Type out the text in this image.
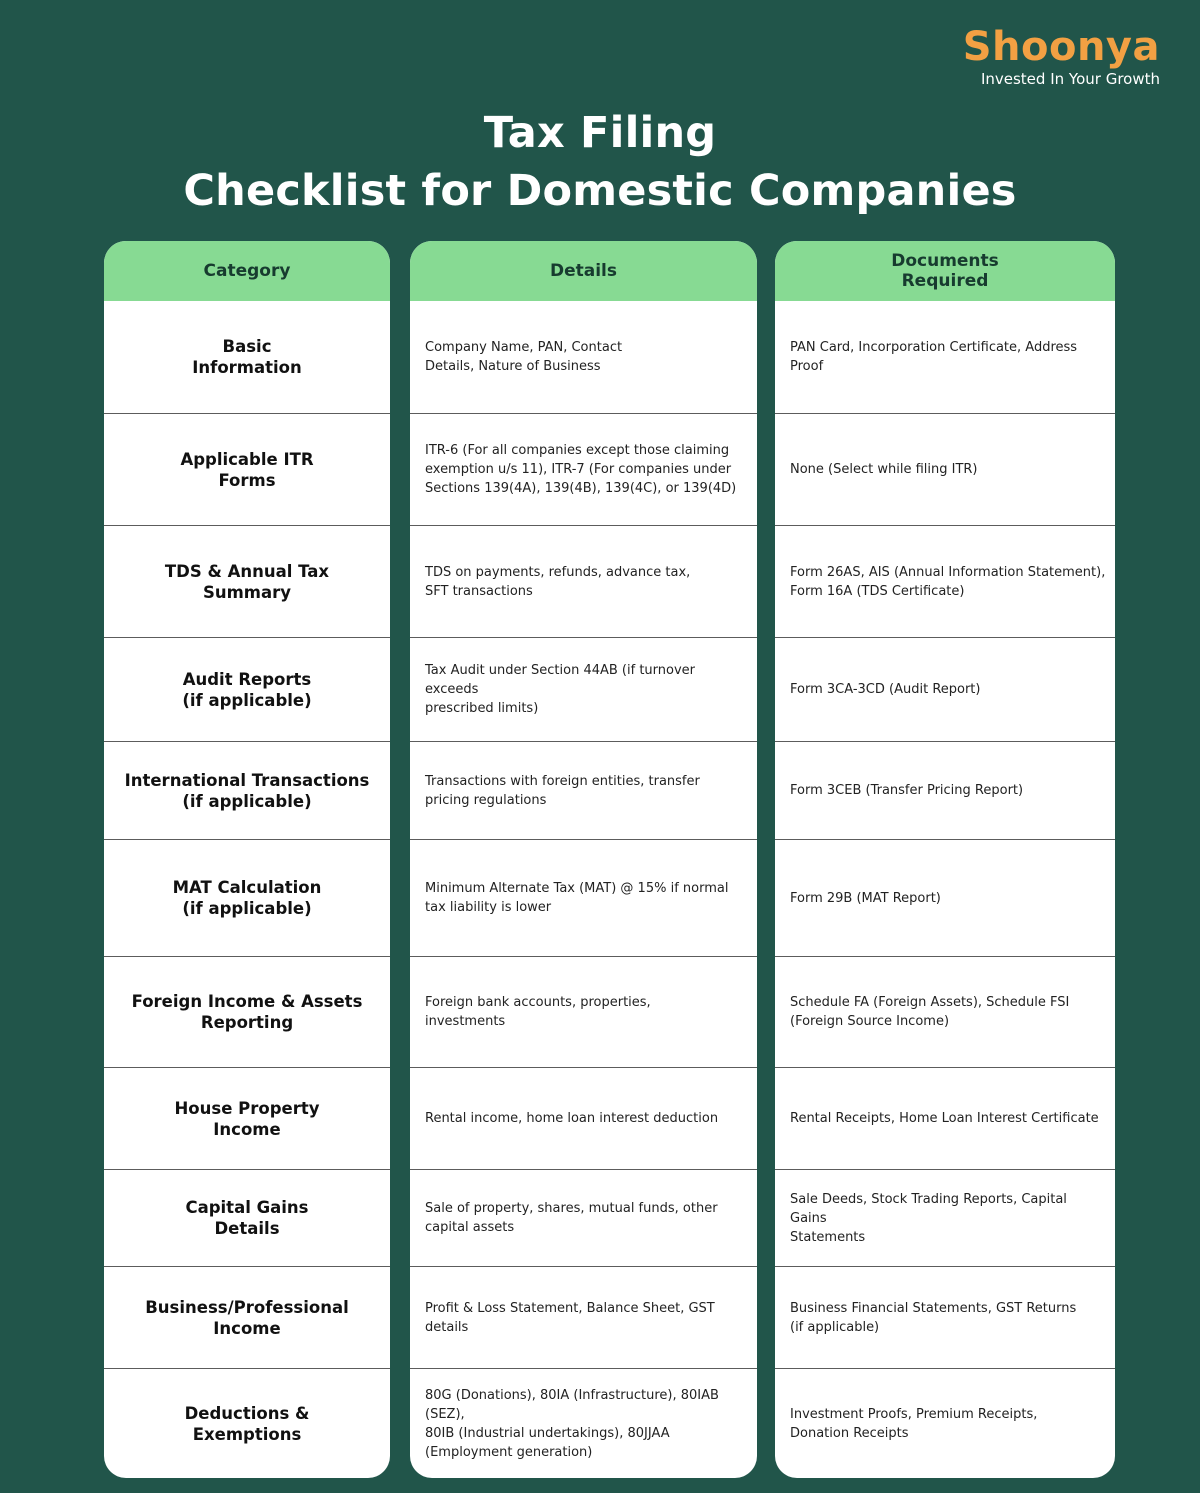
Shoonya
Invested In Your Growth
Tax Filing
Checklist for Domestic Companies
Category
Basic
Information
Applicable ITR
Forms
TDS & Annual Tax
Summary
Audit Reports
(if applicable)
International Transactions
(if applicable)
MAT Calculation
(if applicable)
Foreign Income & Assets
Reporting
House Property
Income
Capital Gains
Details
Business/Professional
Income
Deductions &
Exemptions
Details
Company Name, PAN, Contact
Details, Nature of Business
ITR-6 (For all companies except those claiming
exemption u/s 11), ITR-7 (For companies under
Sections 139(4A), 139(4B), 139(4C), or 139(4D)
TDS on payments, refunds, advance tax,
SFT transactions
Tax Audit under Section 44AB (if turnover exceeds
prescribed limits)
Transactions with foreign entities, transfer
pricing regulations
Minimum Alternate Tax (MAT) @ 15% if normal
tax liability is lower
Foreign bank accounts, properties,
investments
Rental income, home loan interest deduction
Sale of property, shares, mutual funds, other
capital assets
Profit & Loss Statement, Balance Sheet, GST details
80G (Donations), 80IA (Infrastructure), 80IAB (SEZ),
80IB (Industrial undertakings), 80JJAA
(Employment generation)
Documents
Required
PAN Card, Incorporation Certificate, Address Proof
None (Select while filing ITR)
Form 26AS, AIS (Annual Information Statement),
Form 16A (TDS Certificate)
Form 3CA-3CD (Audit Report)
Form 3CEB (Transfer Pricing Report)
Form 29B (MAT Report)
Schedule FA (Foreign Assets), Schedule FSI
(Foreign Source Income)
Rental Receipts, Home Loan Interest Certificate
Sale Deeds, Stock Trading Reports, Capital Gains
Statements
Business Financial Statements, GST Returns
(if applicable)
Investment Proofs, Premium Receipts,
Donation Receipts
